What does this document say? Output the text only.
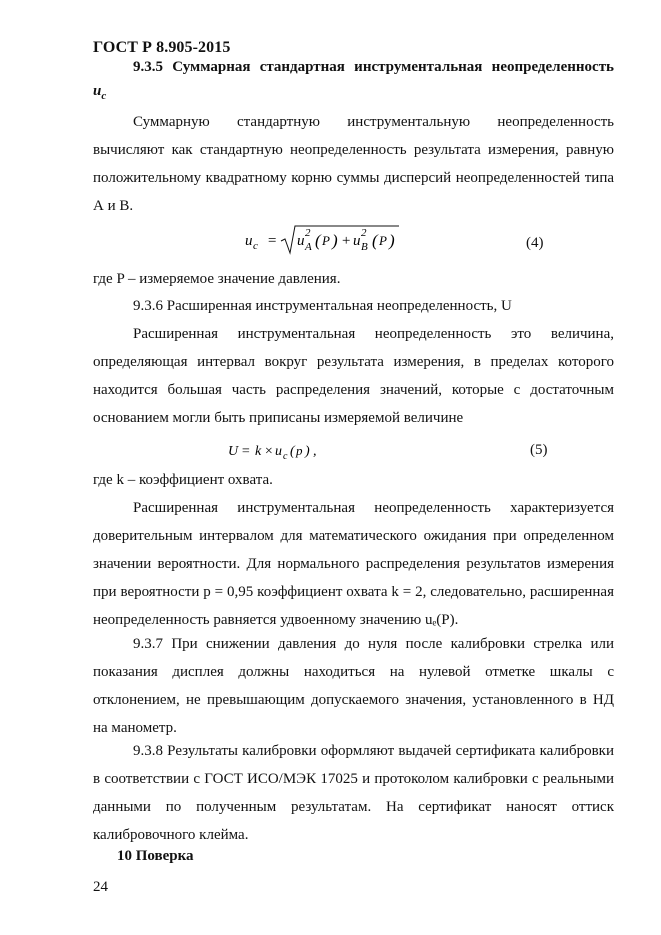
ГОСТ Р 8.905-2015

9.3.5 Суммарная стандартная инструментальная неопределенность

$u_c$

Суммарную стандартную инструментальную неопределенность вычисляют как стандартную неопределенность результата измерения, равную положительному квадратному корню суммы дисперсий неопределенностей типа А и В.

u c = u 2
A ( P ) + u 2
B ( P )	(4)
где P – измеряемое значение давления.
9.3.6 Расширенная инструментальная неопределенность, U

Расширенная инструментальная неопределенность это величина, определяющая интервал вокруг результата измерения, в пределах которого находится большая часть распределения значений, которые с достаточным основанием могли быть приписаны измеряемой величине

U = k × u c ( p ) ,	(5)
где k – коэффициент охвата.

Расширенная инструментальная неопределенность характеризуется доверительным интервалом для математического ожидания при определенном значении вероятности. Для нормального распределения результатов измерения при вероятности p = 0,95 коэффициент охвата k = 2, следовательно, расширенная неопределенность равняется удвоенному значению uₑ(P).

9.3.7 При снижении давления до нуля после калибровки стрелка или показания дисплея должны находиться на нулевой отметке шкалы с отклонением, не превышающим допускаемого значения, установленного в НД на манометр.

9.3.8 Результаты калибровки оформляют выдачей сертификата калибровки в соответствии с ГОСТ ИСО/МЭК 17025 и протоколом калибровки с реальными данными по полученным результатам. На сертификат наносят оттиск калибровочного клейма.

10 Поверка
24
